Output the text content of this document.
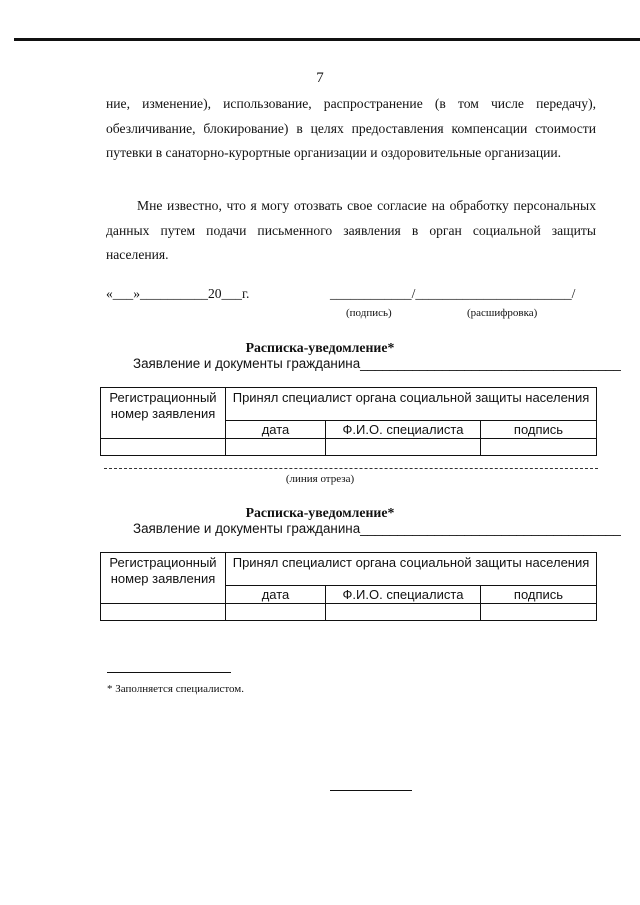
7

ние, изменение), использование, распространение (в том числе передачу), обезличивание, блокирование) в целях предоставления компенсации стоимости путевки в санаторно-курортные организации и оздоровительные организации.

Мне известно, что я могу отозвать свое согласие на обработку персональных данных путем подачи письменного заявления в орган социальной защиты населения.

«___»__________20___г.	____________/_______________________/
(подпись)	(расшифровка)
Расписка-уведомление*
Заявление и документы гражданина___________________________________
Регистрационный номер заявления	Принял специалист органа социальной защиты населения		
	дата	Ф.И.О. специалиста	подпись

(линия отреза)
Расписка-уведомление*
Заявление и документы гражданина___________________________________
Регистрационный номер заявления	Принял специалист органа социальной защиты населения		
	дата	Ф.И.О. специалиста	подпись

* Заполняется специалистом.
